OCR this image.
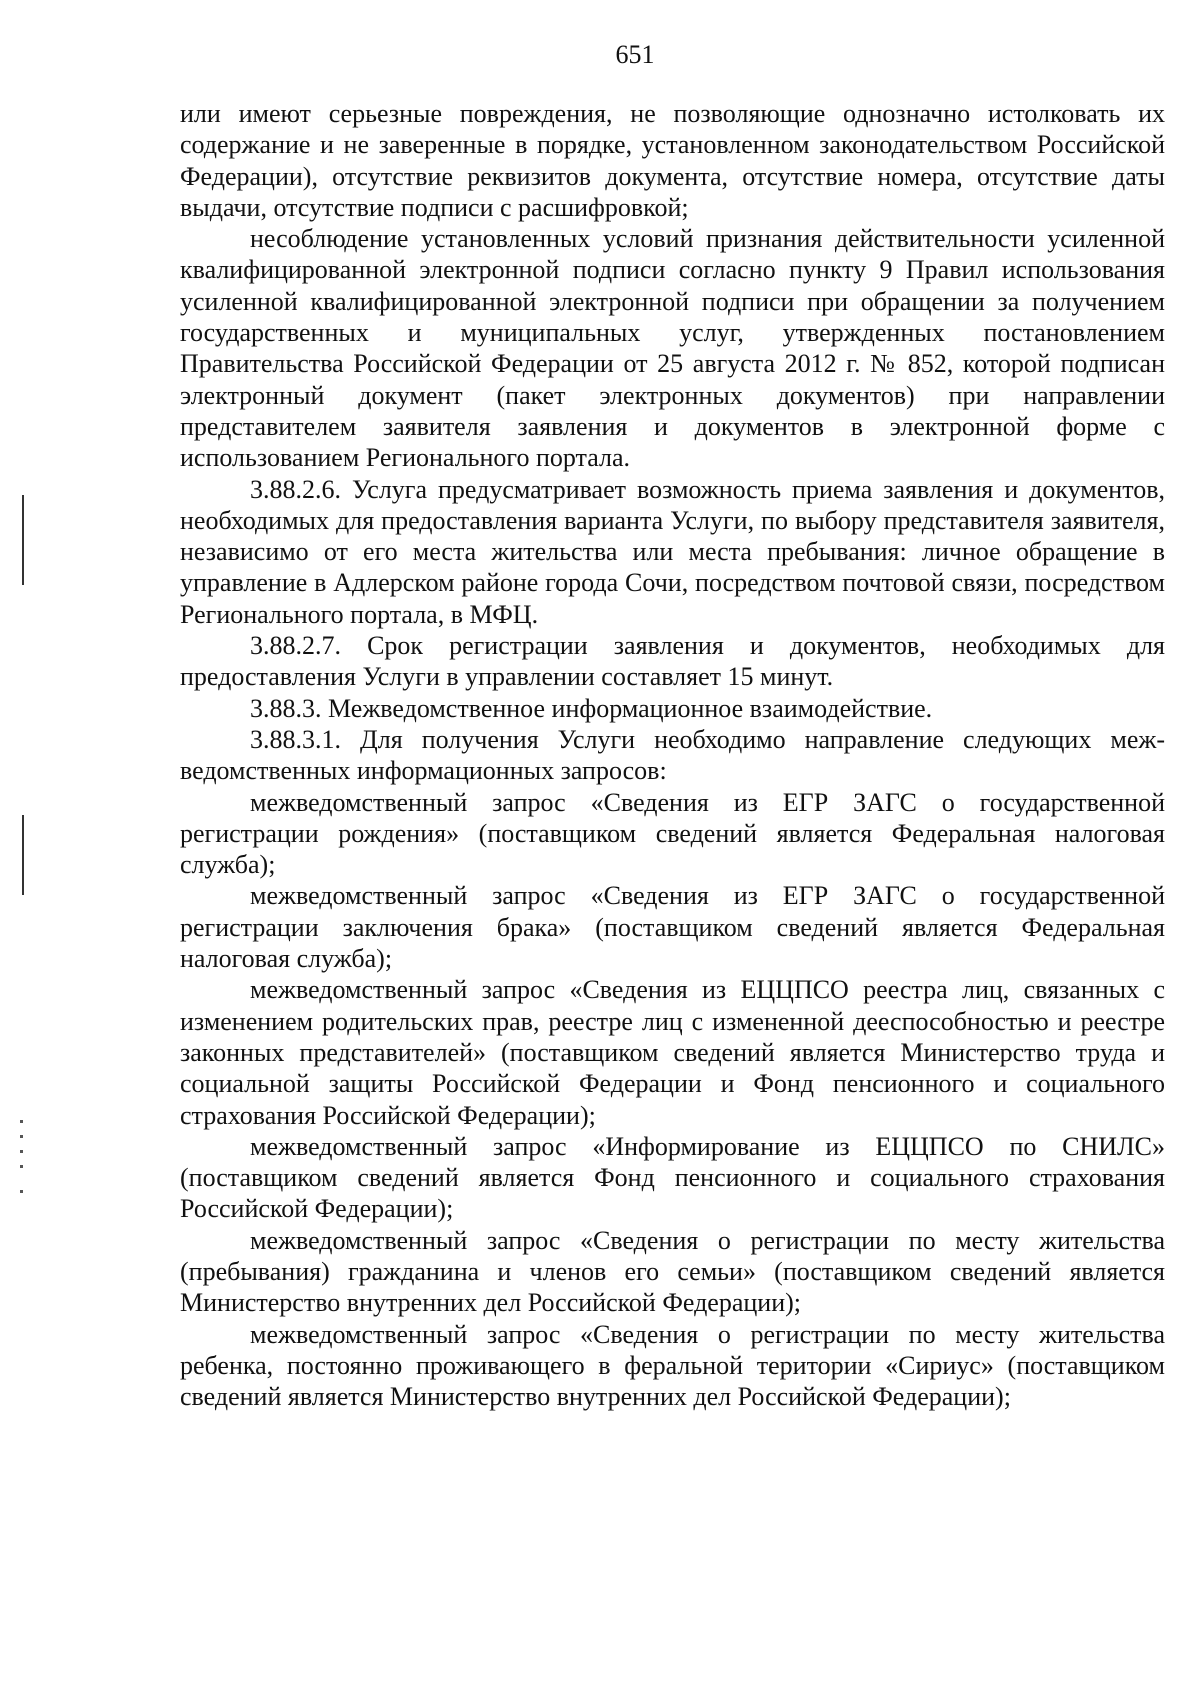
651

или имеют серьезные повреждения, не позволяющие однозначно истолковать их содержание и не заверенные в порядке, установленном законодательством Российской Федерации), отсутствие реквизитов документа, отсутствие номера, отсутствие даты выдачи, отсутствие подписи с расшифровкой;

несоблюдение установленных условий признания действительности усиленной квалифицированной электронной подписи согласно пункту 9 Правил использования усиленной квалифицированной электронной подписи при обращении за получением государственных и муниципальных услуг, утвержденных постановлением Правительства Российской Федерации от 25 августа 2012 г. № 852, которой подписан электронный документ (пакет электронных документов) при направлении представителем заявителя заявления и документов в электронной форме с использованием Регионального портала.

3.88.2.6. Услуга предусматривает возможность приема заявления и документов, необходимых для предоставления варианта Услуги, по выбору представителя заявителя, независимо от его места жительства или места пребывания: личное обращение в управление в Адлерском районе города Сочи, посредством почтовой связи, посредством Регионального портала, в МФЦ.

3.88.2.7. Срок регистрации заявления и документов, необходимых для предоставления Услуги в управлении составляет 15 минут.

3.88.3. Межведомственное информационное взаимодействие.

3.88.3.1. Для получения Услуги необходимо направление следующих межведомственных информационных запросов:

межведомственный запрос «Сведения из ЕГР ЗАГС о государственной регистрации рождения» (поставщиком сведений является Федеральная налоговая служба);

межведомственный запрос «Сведения из ЕГР ЗАГС о государственной регистрации заключения брака» (поставщиком сведений является Федеральная налоговая служба);

межведомственный запрос «Сведения из ЕЦЦПСО реестра лиц, связанных с изменением родительских прав, реестре лиц с измененной дееспособностью и реестре законных представителей» (поставщиком сведений является Министерство труда и социальной защиты Российской Федерации и Фонд пенсионного и социального страхования Российской Федерации);

межведомственный запрос «Информирование из ЕЦЦПСО по СНИЛС» (поставщиком сведений является Фонд пенсионного и социального страхования Российской Федерации);

межведомственный запрос «Сведения о регистрации по месту жительства (пребывания) гражданина и членов его семьи» (поставщиком сведений является Министерство внутренних дел Российской Федерации);

межведомственный запрос «Сведения о регистрации по месту жительства ребенка, постоянно проживающего в феральной територии «Сириус» (поставщиком сведений является Министерство внутренних дел Российской Федерации);
